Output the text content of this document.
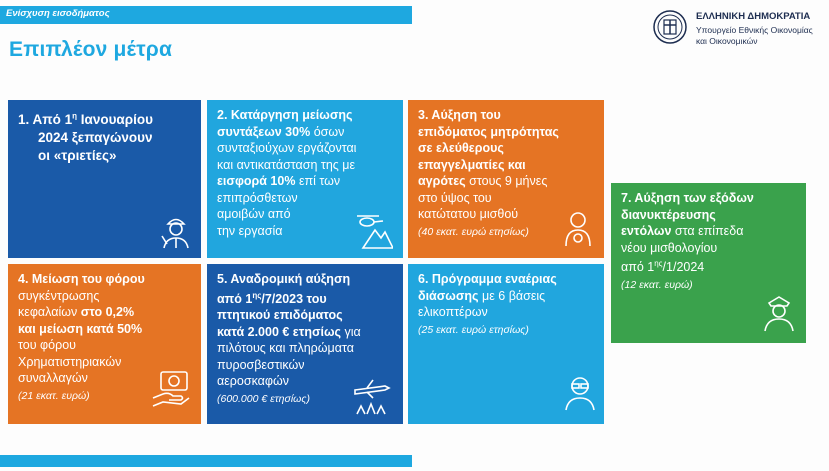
Ενίσχυση εισοδήματος
Επιπλέον μέτρα
ΕΛΛΗΝΙΚΗ ΔΗΜΟΚΡΑΤΙΑ
Υπουργείο Εθνικής Οικονομίας και Οικονομικών
1. Από $1^\eta$ Ιανουαρίου
2024 ξεπαγώνουν
οι «τριετίες»
2. Κατάργηση μείωσης
συντάξεων 30% όσων
συνταξιούχων εργάζονται
και αντικατάσταση της με
εισφορά 10% επί των
επιπρόσθετων
αμοιβών από
την εργασία
3. Αύξηση του
επιδόματος μητρότητας
σε ελεύθερους
επαγγελματίες και
αγρότες στους 9 μήνες
στο ύψος του
κατώτατου μισθού
(40 εκατ. ευρώ ετησίως)
4. Μείωση του φόρου
συγκέντρωσης
κεφαλαίων στο 0,2%
και μείωση κατά 50%
του φόρου
Χρηματιστηριακών
συναλλαγών
(21 εκατ. ευρώ)
5. Αναδρομική αύξηση
από $1^{\eta\varsigma}/7/2023$ του
πτητικού επιδόματος
κατά 2.000 € ετησίως για
πιλότους και πληρώματα
πυροσβεστικών
αεροσκαφών
(600.000 € ετησίως)
6. Πρόγραμμα εναέριας
διάσωσης με 6 βάσεις
ελικοπτέρων
(25 εκατ. ευρώ ετησίως)
7. Αύξηση των εξόδων
διανυκτέρευσης
εντόλων στα επίπεδα
νέου μισθολογίου
από $1^{\eta\varsigma}/1/2024$
(12 εκατ. ευρώ)
